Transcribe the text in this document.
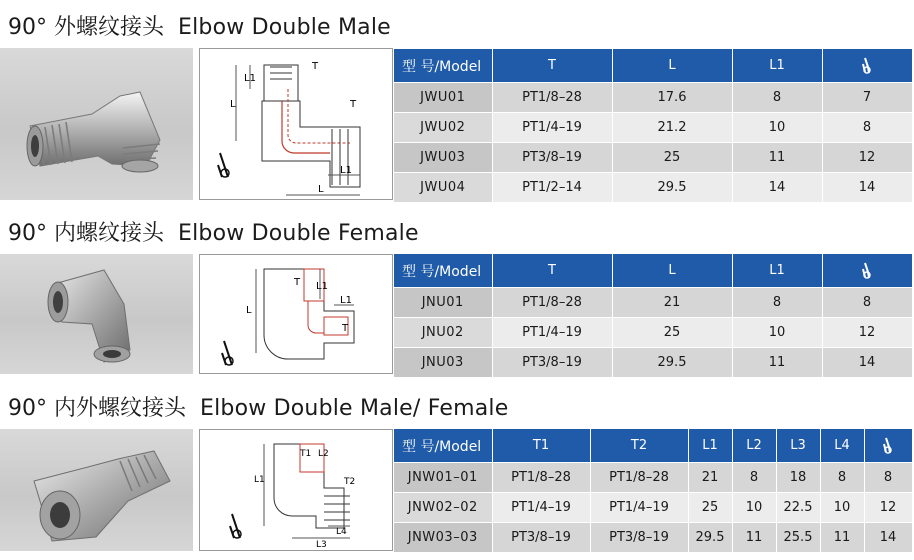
90° 外螺纹接头 Elbow Double Male
T
L1
L	T
L1
L
型 号/Model	T	L	L1	
JWU01	PT1/8–28	17.6	8	7
JWU02	PT1/4–19	21.2	10	8
JWU03	PT3/8–19	25	11	12
JWU04	PT1/2–14	29.5	14	14
90° 内螺纹接头 Elbow Double Female
T L1
L
L1
T
型 号/Model	T	L	L1	
JNU01	PT1/8–28	21	8	8
JNU02	PT1/4–19	25	10	12
JNU03	PT3/8–19	29.5	11	14
90° 内外螺纹接头 Elbow Double Male/ Female
T1 L2
L1	T2
L4
L3
型 号/Model	T1	T2	L1	L2	L3	L4	
JNW01–01	PT1/8–28	PT1/8–28	21	8	18	8	8
JNW02–02	PT1/4–19	PT1/4–19	25	10	22.5	10	12
JNW03–03	PT3/8–19	PT3/8–19	29.5	11	25.5	11	14
